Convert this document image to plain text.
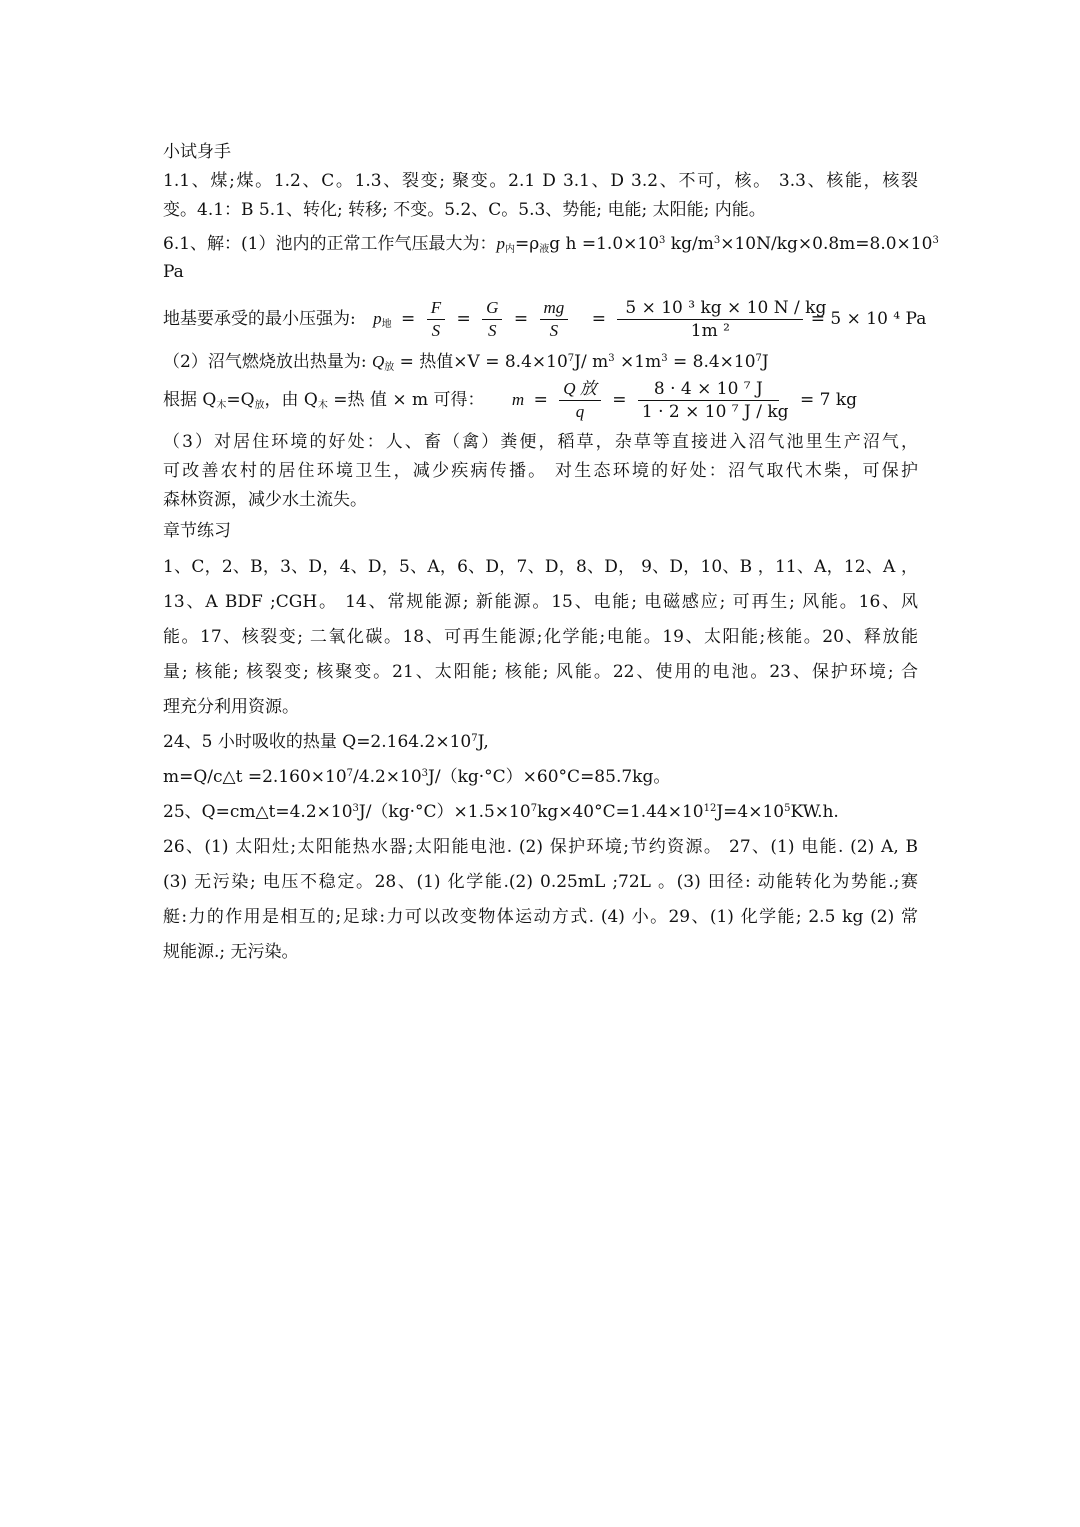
小试身手
1.1、煤;煤。1.2、C。1.3、裂变; 聚变。2.1 D 3.1、D 3.2、不可，核。 3.3、核能，核裂
变。4.1：B 5.1、转化; 转移; 不变。5.2、C。5.3、势能; 电能; 太阳能; 内能。
6.1、解：(1）池内的正常工作气压最大为：p内=ρ液g $h =1.0\times 10^3$ $kg/m^3\times 10N/kg\times 0.8m=8.0\times 10^3$
Pa
地基要承受的最小压强为: p地 = $\frac{F}{S} = \frac{G}{S} = \frac{mg}{S} = \frac{\text{5 × 10 ³ kg × 10 N / kg}}{\text{1m ²}} = 5 \times 10$ ⁴ Pa
（2）沼气燃烧放出热量为: Q放 = 热值$\times V = 8.4\times 10^7J/$ $m^3 \times 1m^3 = 8.4\times 10^7J$
根据 Q木=Q放，由 Q木 =热 值 × m 可得： $m = \frac{\text{Q 放}}{q} = \frac{\text{8 · 4 × 10 ⁷ J}}{\text{1 · 2 × 10 ⁷ J / kg}} = 7$ kg
（3）对居住环境的好处：人、畜（禽）粪便，稻草，杂草等直接进入沼气池里生产沼气，
可改善农村的居住环境卫生，减少疾病传播。 对生态环境的好处：沼气取代木柴，可保护
森林资源，减少水土流失。
章节练习
1、C，2、B，3、D，4、D，5、A，6、D，7、D，8、D， 9、D，10、B ，11、A，12、A ，
13、A BDF ;CGH。 14、常规能源; 新能源。15、电能; 电磁感应; 可再生; 风能。16、风
能。17、核裂变; 二氧化碳。18、可再生能源;化学能;电能。19、太阳能;核能。20、释放能
量; 核能; 核裂变; 核聚变。21、太阳能; 核能; 风能。22、使用的电池。23、保护环境; 合
理充分利用资源。
24、5 小时吸收的热量 $Q=2.164.2\times 10^7J$,
m=Q/c△t $=2.160\times 10^7/4.2\times 10^3J/(kg\cdot^\circ C)\times 60^\circ C=85.7kg$。
25、$Q=cm\triangle t=4.2\times 10^3J/(kg\cdot^\circ C)\times 1.5\times 10^7kg\times 40^\circ C=1.44\times 10^{12}J=4\times 10^5KW.h$.
26、(1) 太阳灶;太阳能热水器;太阳能电池. (2) 保护环境;节约资源。 27、(1) 电能. (2) A, B
(3) 无污染; 电压不稳定。28、(1) 化学能.(2) 0.25mL ;72L 。(3) 田径: 动能转化为势能.;赛
艇:力的作用是相互的;足球:力可以改变物体运动方式. (4) 小。29、(1) 化学能; 2.5 kg (2) 常
规能源.; 无污染。
